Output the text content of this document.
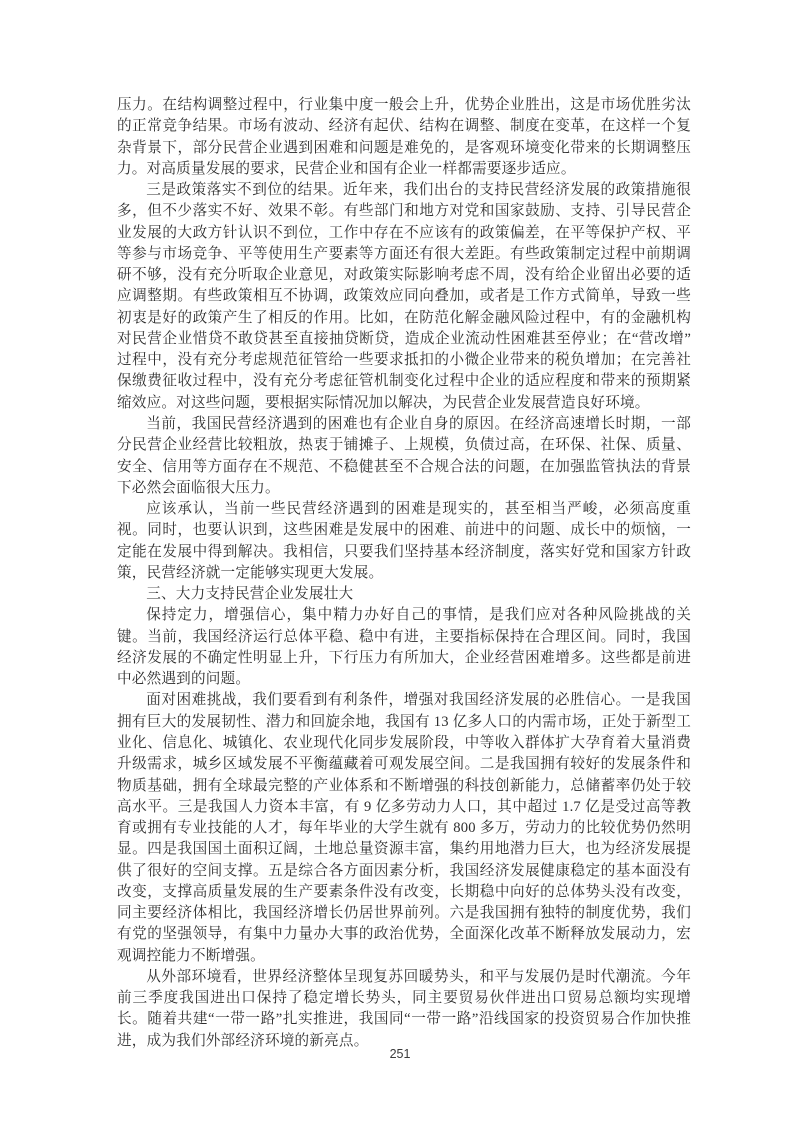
压力。在结构调整过程中，行业集中度一般会上升，优势企业胜出，这是市场优胜劣汰的正常竞争结果。市场有波动、经济有起伏、结构在调整、制度在变革，在这样一个复杂背景下，部分民营企业遇到困难和问题是难免的，是客观环境变化带来的长期调整压力。对高质量发展的要求，民营企业和国有企业一样都需要逐步适应。

三是政策落实不到位的结果。近年来，我们出台的支持民营经济发展的政策措施很多，但不少落实不好、效果不彰。有些部门和地方对党和国家鼓励、支持、引导民营企业发展的大政方针认识不到位，工作中存在不应该有的政策偏差，在平等保护产权、平等参与市场竞争、平等使用生产要素等方面还有很大差距。有些政策制定过程中前期调研不够，没有充分听取企业意见，对政策实际影响考虑不周，没有给企业留出必要的适应调整期。有些政策相互不协调，政策效应同向叠加，或者是工作方式简单，导致一些初衷是好的政策产生了相反的作用。比如，在防范化解金融风险过程中，有的金融机构对民营企业惜贷不敢贷甚至直接抽贷断贷，造成企业流动性困难甚至停业；在“营改增”过程中，没有充分考虑规范征管给一些要求抵扣的小微企业带来的税负增加；在完善社保缴费征收过程中，没有充分考虑征管机制变化过程中企业的适应程度和带来的预期紧缩效应。对这些问题，要根据实际情况加以解决，为民营企业发展营造良好环境。

当前，我国民营经济遇到的困难也有企业自身的原因。在经济高速增长时期，一部分民营企业经营比较粗放，热衷于铺摊子、上规模，负债过高，在环保、社保、质量、安全、信用等方面存在不规范、不稳健甚至不合规合法的问题，在加强监管执法的背景下必然会面临很大压力。

应该承认，当前一些民营经济遇到的困难是现实的，甚至相当严峻，必须高度重视。同时，也要认识到，这些困难是发展中的困难、前进中的问题、成长中的烦恼，一定能在发展中得到解决。我相信，只要我们坚持基本经济制度，落实好党和国家方针政策，民营经济就一定能够实现更大发展。

三、大力支持民营企业发展壮大

保持定力，增强信心，集中精力办好自己的事情，是我们应对各种风险挑战的关键。当前，我国经济运行总体平稳、稳中有进，主要指标保持在合理区间。同时，我国经济发展的不确定性明显上升，下行压力有所加大，企业经营困难增多。这些都是前进中必然遇到的问题。

面对困难挑战，我们要看到有利条件，增强对我国经济发展的必胜信心。一是我国拥有巨大的发展韧性、潜力和回旋余地，我国有 13 亿多人口的内需市场，正处于新型工业化、信息化、城镇化、农业现代化同步发展阶段，中等收入群体扩大孕育着大量消费升级需求，城乡区域发展不平衡蕴藏着可观发展空间。二是我国拥有较好的发展条件和物质基础，拥有全球最完整的产业体系和不断增强的科技创新能力，总储蓄率仍处于较高水平。三是我国人力资本丰富，有 9 亿多劳动力人口，其中超过 1.7 亿是受过高等教育或拥有专业技能的人才，每年毕业的大学生就有 800 多万，劳动力的比较优势仍然明显。四是我国国土面积辽阔，土地总量资源丰富，集约用地潜力巨大，也为经济发展提供了很好的空间支撑。五是综合各方面因素分析，我国经济发展健康稳定的基本面没有改变，支撑高质量发展的生产要素条件没有改变，长期稳中向好的总体势头没有改变，同主要经济体相比，我国经济增长仍居世界前列。六是我国拥有独特的制度优势，我们有党的坚强领导，有集中力量办大事的政治优势，全面深化改革不断释放发展动力，宏观调控能力不断增强。

从外部环境看，世界经济整体呈现复苏回暖势头，和平与发展仍是时代潮流。今年前三季度我国进出口保持了稳定增长势头，同主要贸易伙伴进出口贸易总额均实现增长。随着共建“一带一路”扎实推进，我国同“一带一路”沿线国家的投资贸易合作加快推进，成为我们外部经济环境的新亮点。

251
